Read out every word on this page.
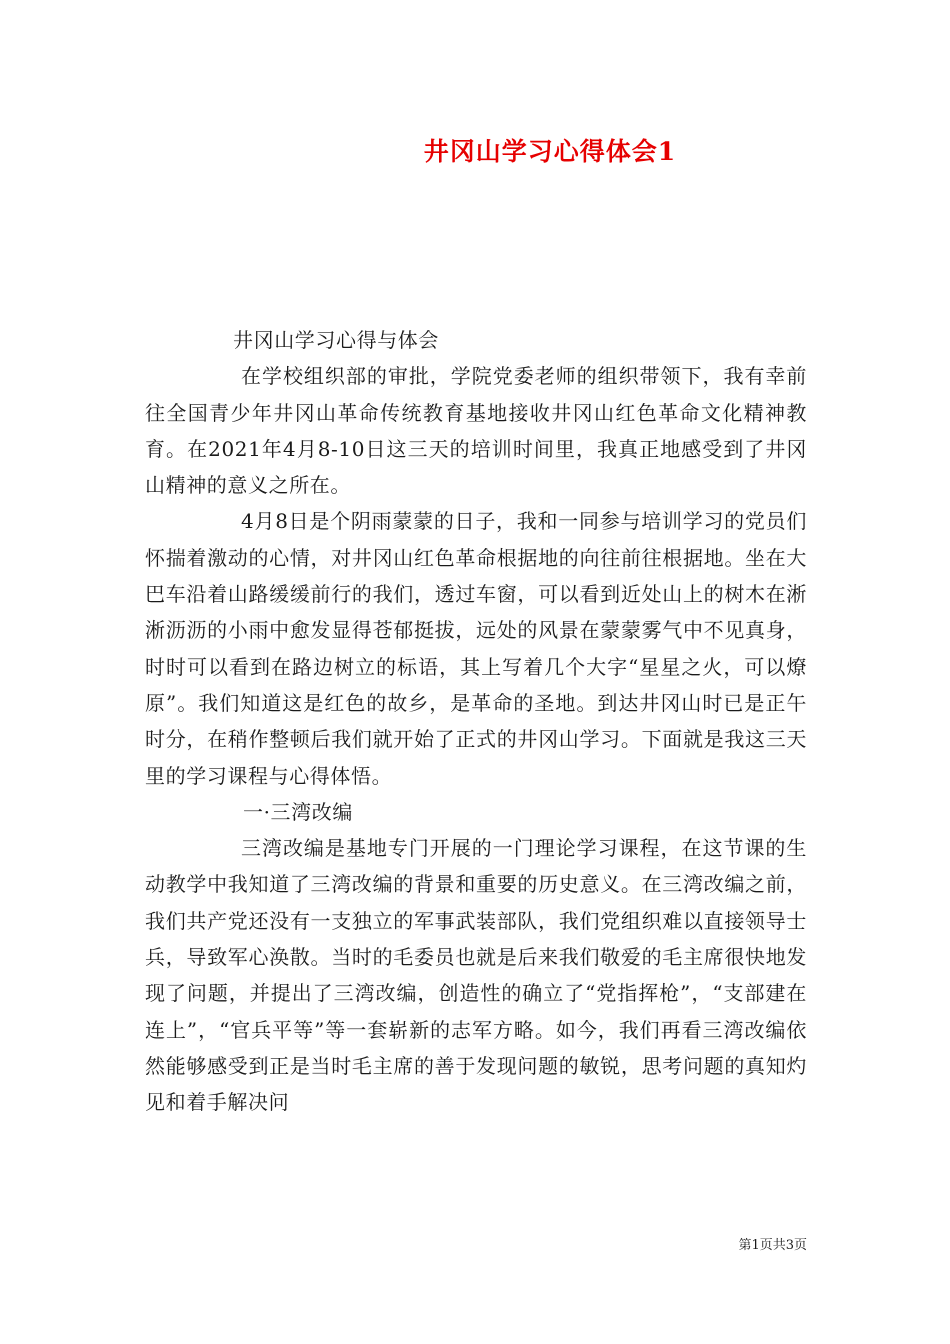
井冈山学习心得体会1

井冈山学习心得与体会

在学校组织部的审批，学院党委老师的组织带领下，我有幸前往全国青少年井冈山革命传统教育基地接收井冈山红色革命文化精神教育。在2021年4月8-10日这三天的培训时间里，我真正地感受到了井冈山精神的意义之所在。

4月8日是个阴雨蒙蒙的日子，我和一同参与培训学习的党员们怀揣着激动的心情，对井冈山红色革命根据地的向往前往根据地。坐在大巴车沿着山路缓缓前行的我们，透过车窗，可以看到近处山上的树木在淅淅沥沥的小雨中愈发显得苍郁挺拔，远处的风景在蒙蒙雾气中不见真身，时时可以看到在路边树立的标语，其上写着几个大字“星星之火，可以燎原”。我们知道这是红色的故乡，是革命的圣地。到达井冈山时已是正午时分，在稍作整顿后我们就开始了正式的井冈山学习。下面就是我这三天里的学习课程与心得体悟。

一·三湾改编

三湾改编是基地专门开展的一门理论学习课程，在这节课的生动教学中我知道了三湾改编的背景和重要的历史意义。在三湾改编之前，我们共产党还没有一支独立的军事武装部队，我们党组织难以直接领导士兵，导致军心涣散。当时的毛委员也就是后来我们敬爱的毛主席很快地发现了问题，并提出了三湾改编，创造性的确立了“党指挥枪”，“支部建在连上”，“官兵平等”等一套崭新的志军方略。如今，我们再看三湾改编依然能够感受到正是当时毛主席的善于发现问题的敏锐，思考问题的真知灼见和着手解决问

第1页共3页
